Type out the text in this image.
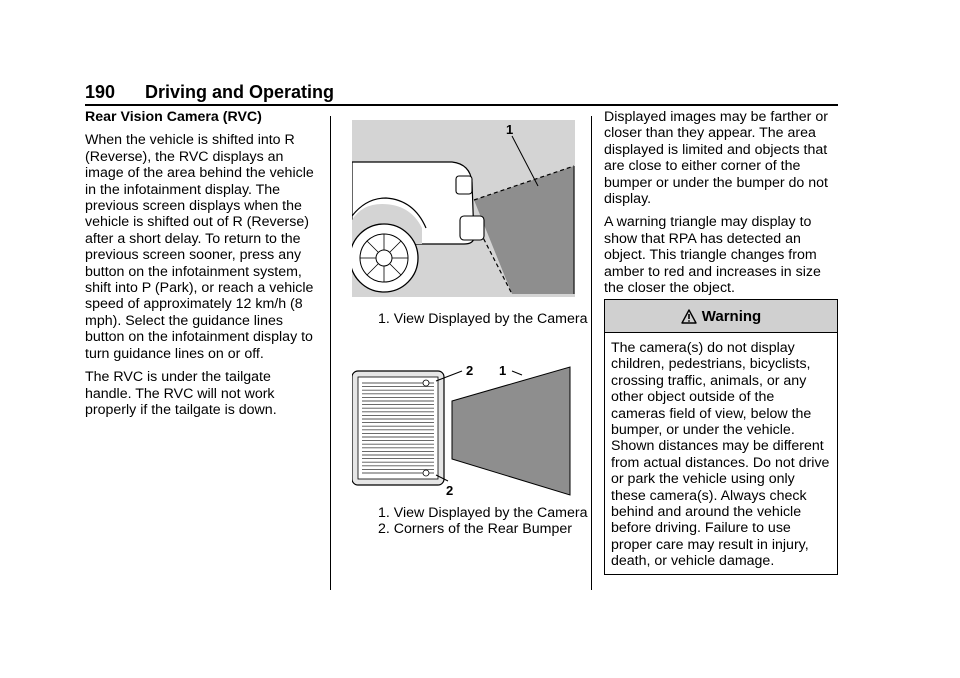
190 Driving and Operating
Rear Vision Camera (RVC)

When the vehicle is shifted into R (Reverse), the RVC displays an image of the area behind the vehicle in the infotainment display. The previous screen displays when the vehicle is shifted out of R (Reverse) after a short delay. To return to the previous screen sooner, press any button on the infotainment system, shift into P (Park), or reach a vehicle speed of approximately 12 km/h (8 mph). Select the guidance lines button on the infotainment display to turn guidance lines on or off.

The RVC is under the tailgate handle. The RVC will not work properly if the tailgate is down.

1

1. View Displayed by the Camera

2 1
2

1. View Displayed by the Camera

2. Corners of the Rear Bumper

Displayed images may be farther or closer than they appear. The area displayed is limited and objects that are close to either corner of the bumper or under the bumper do not display.

A warning triangle may display to show that RPA has detected an object. This triangle changes from amber to red and increases in size the closer the object.

Warning
The camera(s) do not display children, pedestrians, bicyclists, crossing traffic, animals, or any other object outside of the cameras field of view, below the bumper, or under the vehicle. Shown distances may be different from actual distances. Do not drive or park the vehicle using only these camera(s). Always check behind and around the vehicle before driving. Failure to use proper care may result in injury, death, or vehicle damage.
